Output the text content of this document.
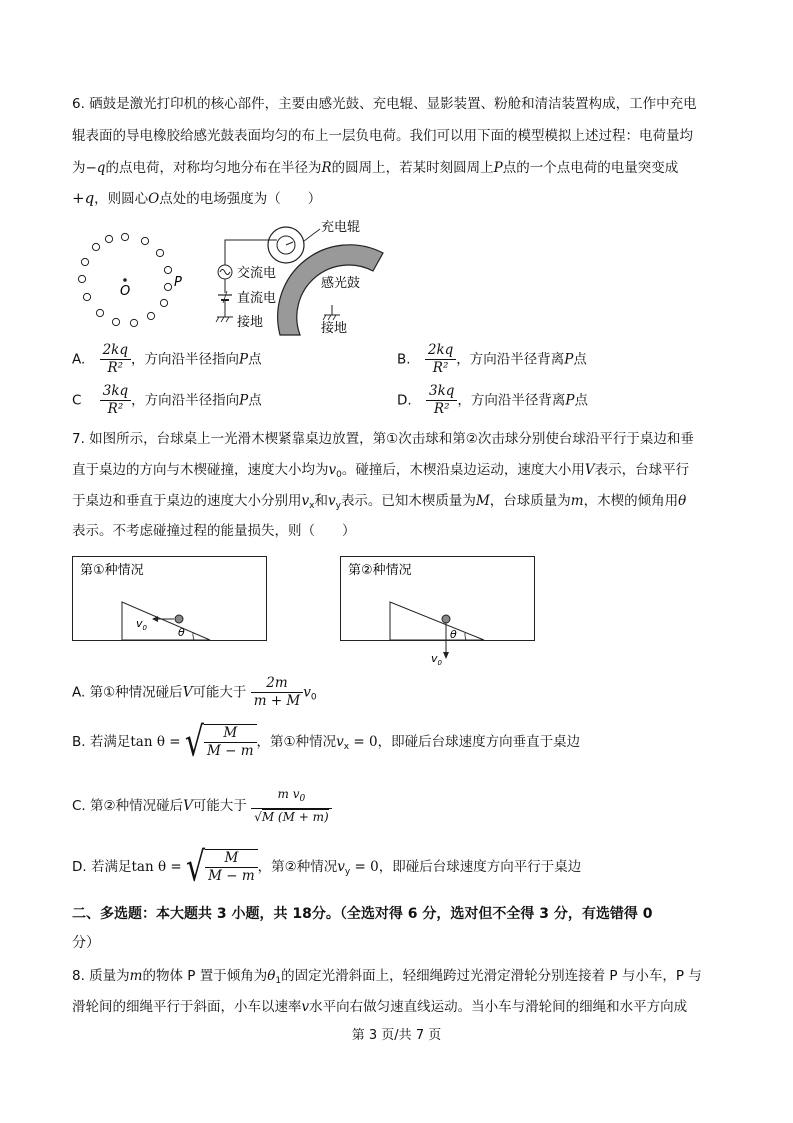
6. 硒鼓是激光打印机的核心部件，主要由感光鼓、充电辊、显影装置、粉舱和清洁装置构成，工作中充电
辊表面的导电橡胶给感光鼓表面均匀的布上一层负电荷。我们可以用下面的模型模拟上述过程：电荷量均
为−q的点电荷，对称均匀地分布在半径为R的圆周上，若某时刻圆周上P点的一个点电荷的电量突变成
+q，则圆心O点处的电场强度为（　　）
O
P
充电辊
交流电
直流电
接地
感光鼓
接地
A. $\frac{2kq}{\text{R²}}$ ，方向沿半径指向P点	B. $\frac{2kq}{\text{R²}}$ ，方向沿半径背离P点
C $\frac{3kq}{\text{R²}}$ ，方向沿半径指向P点	D. $\frac{3kq}{\text{R²}}$ ，方向沿半径背离P点
7. 如图所示，台球桌上一光滑木楔紧靠桌边放置，第①次击球和第②次击球分别使台球沿平行于桌边和垂
直于桌边的方向与木楔碰撞，速度大小均为$v_0$。碰撞后，木楔沿桌边运动，速度大小用V表示，台球平行
于桌边和垂直于桌边的速度大小分别用$v_x$和$v_y$表示。已知木楔质量为M，台球质量为m，木楔的倾角用θ
表示。不考虑碰撞过程的能量损失，则（　　）
第①种情况
$v_0$	θ
第②种情况
$v_0$
θ
A. 第①种情况碰后V可能大于 $\frac{2m}{m + M} v_0$
B. 若满足tan θ = √ $\frac{M}{M - m}$ ，第①种情况$v_x = 0$，即碰后台球速度方向垂直于桌边
C. 第②种情况碰后V可能大于 $\frac{m v_0}{√M (M + m)}$
D. 若满足tan θ = √ $\frac{M}{M - m}$ ，第②种情况$v_y = 0$，即碰后台球速度方向平行于桌边
二、多选题：本大题共 3 小题，共 18分。（全选对得 6 分，选对但不全得 3 分，有选错得 0
分）
8. 质量为m的物体 P 置于倾角为$\theta_1$的固定光滑斜面上，轻细绳跨过光滑定滑轮分别连接着 P 与小车，P 与
滑轮间的细绳平行于斜面，小车以速率v水平向右做匀速直线运动。当小车与滑轮间的细绳和水平方向成
第 3 页/共 7 页
